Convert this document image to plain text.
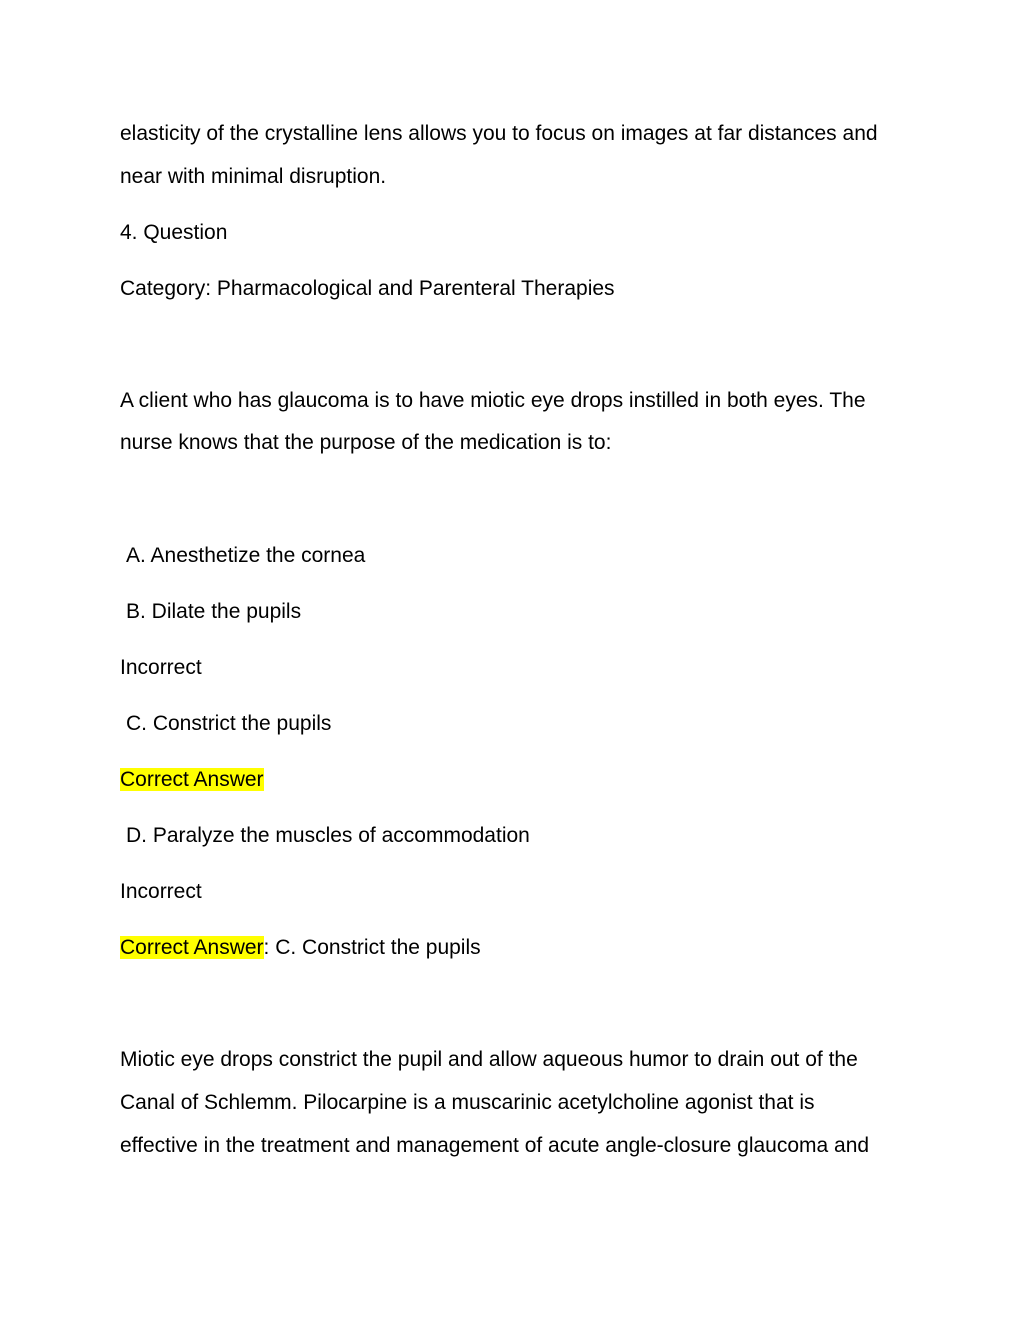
elasticity of the crystalline lens allows you to focus on images at far distances and
near with minimal disruption.
4. Question
Category: Pharmacological and Parenteral Therapies
A client who has glaucoma is to have miotic eye drops instilled in both eyes. The
nurse knows that the purpose of the medication is to:
A. Anesthetize the cornea
B. Dilate the pupils
Incorrect
C. Constrict the pupils
Correct Answer
D. Paralyze the muscles of accommodation
Incorrect
Correct Answer: C. Constrict the pupils
Miotic eye drops constrict the pupil and allow aqueous humor to drain out of the
Canal of Schlemm. Pilocarpine is a muscarinic acetylcholine agonist that is
effective in the treatment and management of acute angle-closure glaucoma and
